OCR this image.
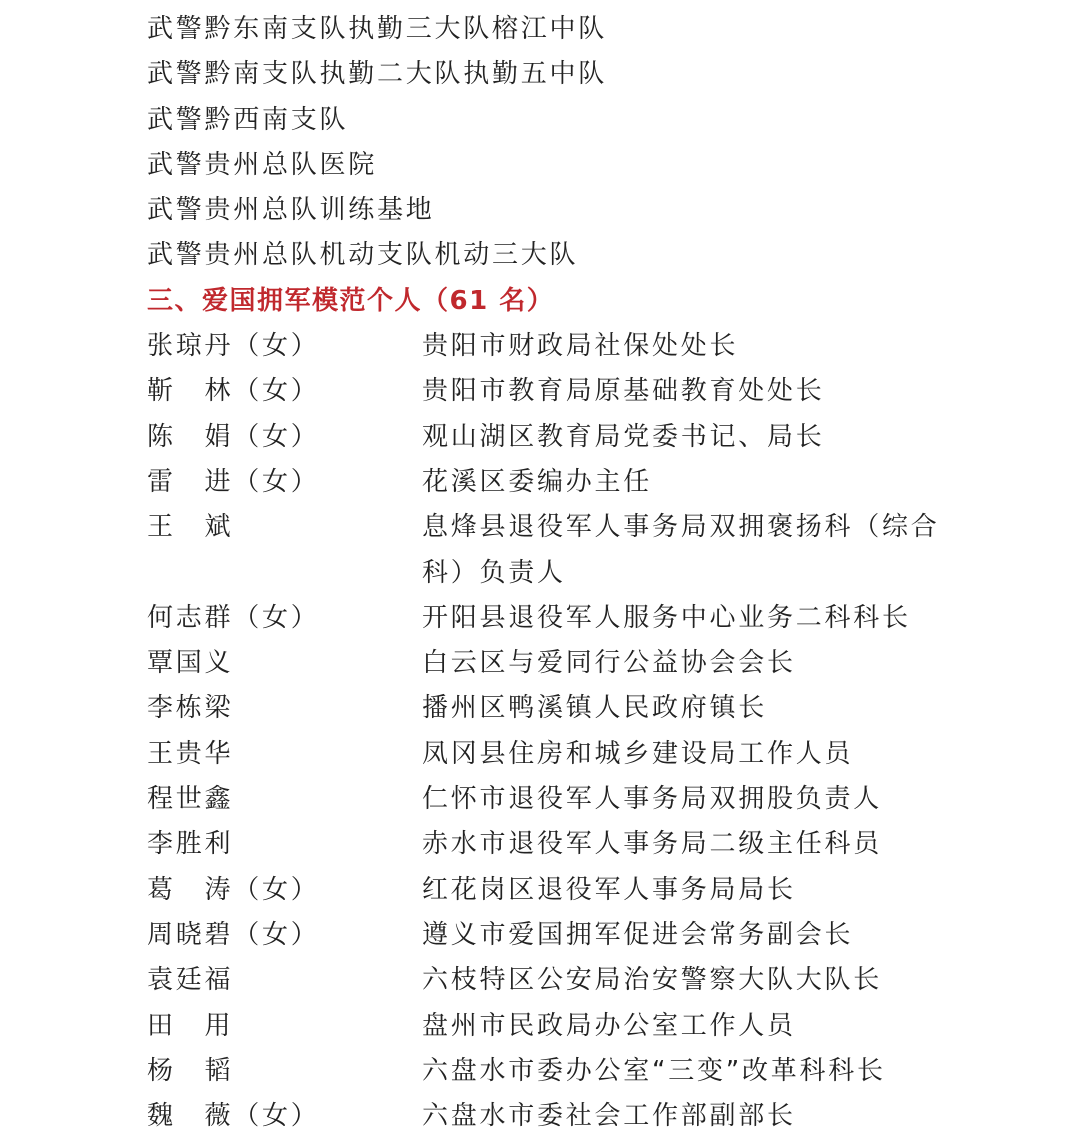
武警黔东南支队执勤三大队榕江中队
武警黔南支队执勤二大队执勤五中队
武警黔西南支队
武警贵州总队医院
武警贵州总队训练基地
武警贵州总队机动支队机动三大队
三、爱国拥军模范个人（61 名）
张琼丹（女）	贵阳市财政局社保处处长
靳　林（女）	贵阳市教育局原基础教育处处长
陈　娟（女）	观山湖区教育局党委书记、局长
雷　进（女）	花溪区委编办主任
王　斌	息烽县退役军人事务局双拥褒扬科（综合科）负责人
何志群（女）	开阳县退役军人服务中心业务二科科长
覃国义	白云区与爱同行公益协会会长
李栋梁	播州区鸭溪镇人民政府镇长
王贵华	凤冈县住房和城乡建设局工作人员
程世鑫	仁怀市退役军人事务局双拥股负责人
李胜利	赤水市退役军人事务局二级主任科员
葛　涛（女）	红花岗区退役军人事务局局长
周晓碧（女）	遵义市爱国拥军促进会常务副会长
袁廷福	六枝特区公安局治安警察大队大队长
田　用	盘州市民政局办公室工作人员
杨　韬	六盘水市委办公室“三变”改革科科长
魏　薇（女）	六盘水市委社会工作部副部长
